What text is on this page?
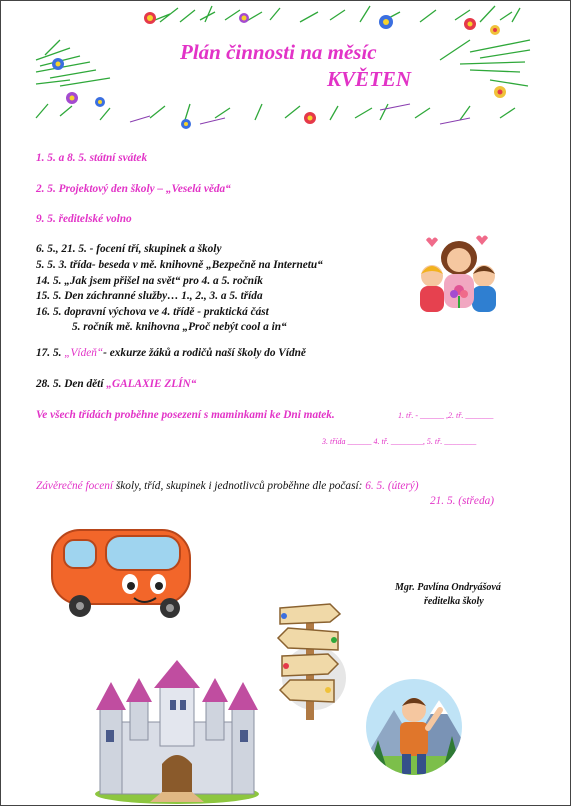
Plán činnosti na měsíc
KVĚTEN
1. 5. a 8. 5. státní svátek
2. 5. Projektový den školy – „Veselá věda“
9. 5. ředitelské volno
6. 5., 21. 5. - focení tří, skupinek a školy
5. 5. 3. třída- beseda v mě. knihovně „Bezpečně na Internetu“
14. 5. „Jak jsem přišel na svět“ pro 4. a 5. ročník
15. 5. Den záchranné služby… 1., 2., 3. a 5. třída
16. 5. dopravní výchova ve 4. třídě - praktická část
5. ročník mě. knihovna „Proč nebýt cool a in“
17. 5. „Vídeň“- exkurze žáků a rodičů naší školy do Vídně
28. 5. Den dětí „GALAXIE ZLÍN“
Ve všech třídách proběhne posezení s maminkami ke Dni matek.	1. tř. - ______ ,2. tř. _______
3. třída ______ 4. tř. ________, 5. tř. ________
Závěrečné focení školy, tříd, skupinek i jednotlivců proběhne dle počasí: 6. 5. (úterý)
21. 5. (středa)
Mgr. Pavlína Ondryášová
ředitelka školy
